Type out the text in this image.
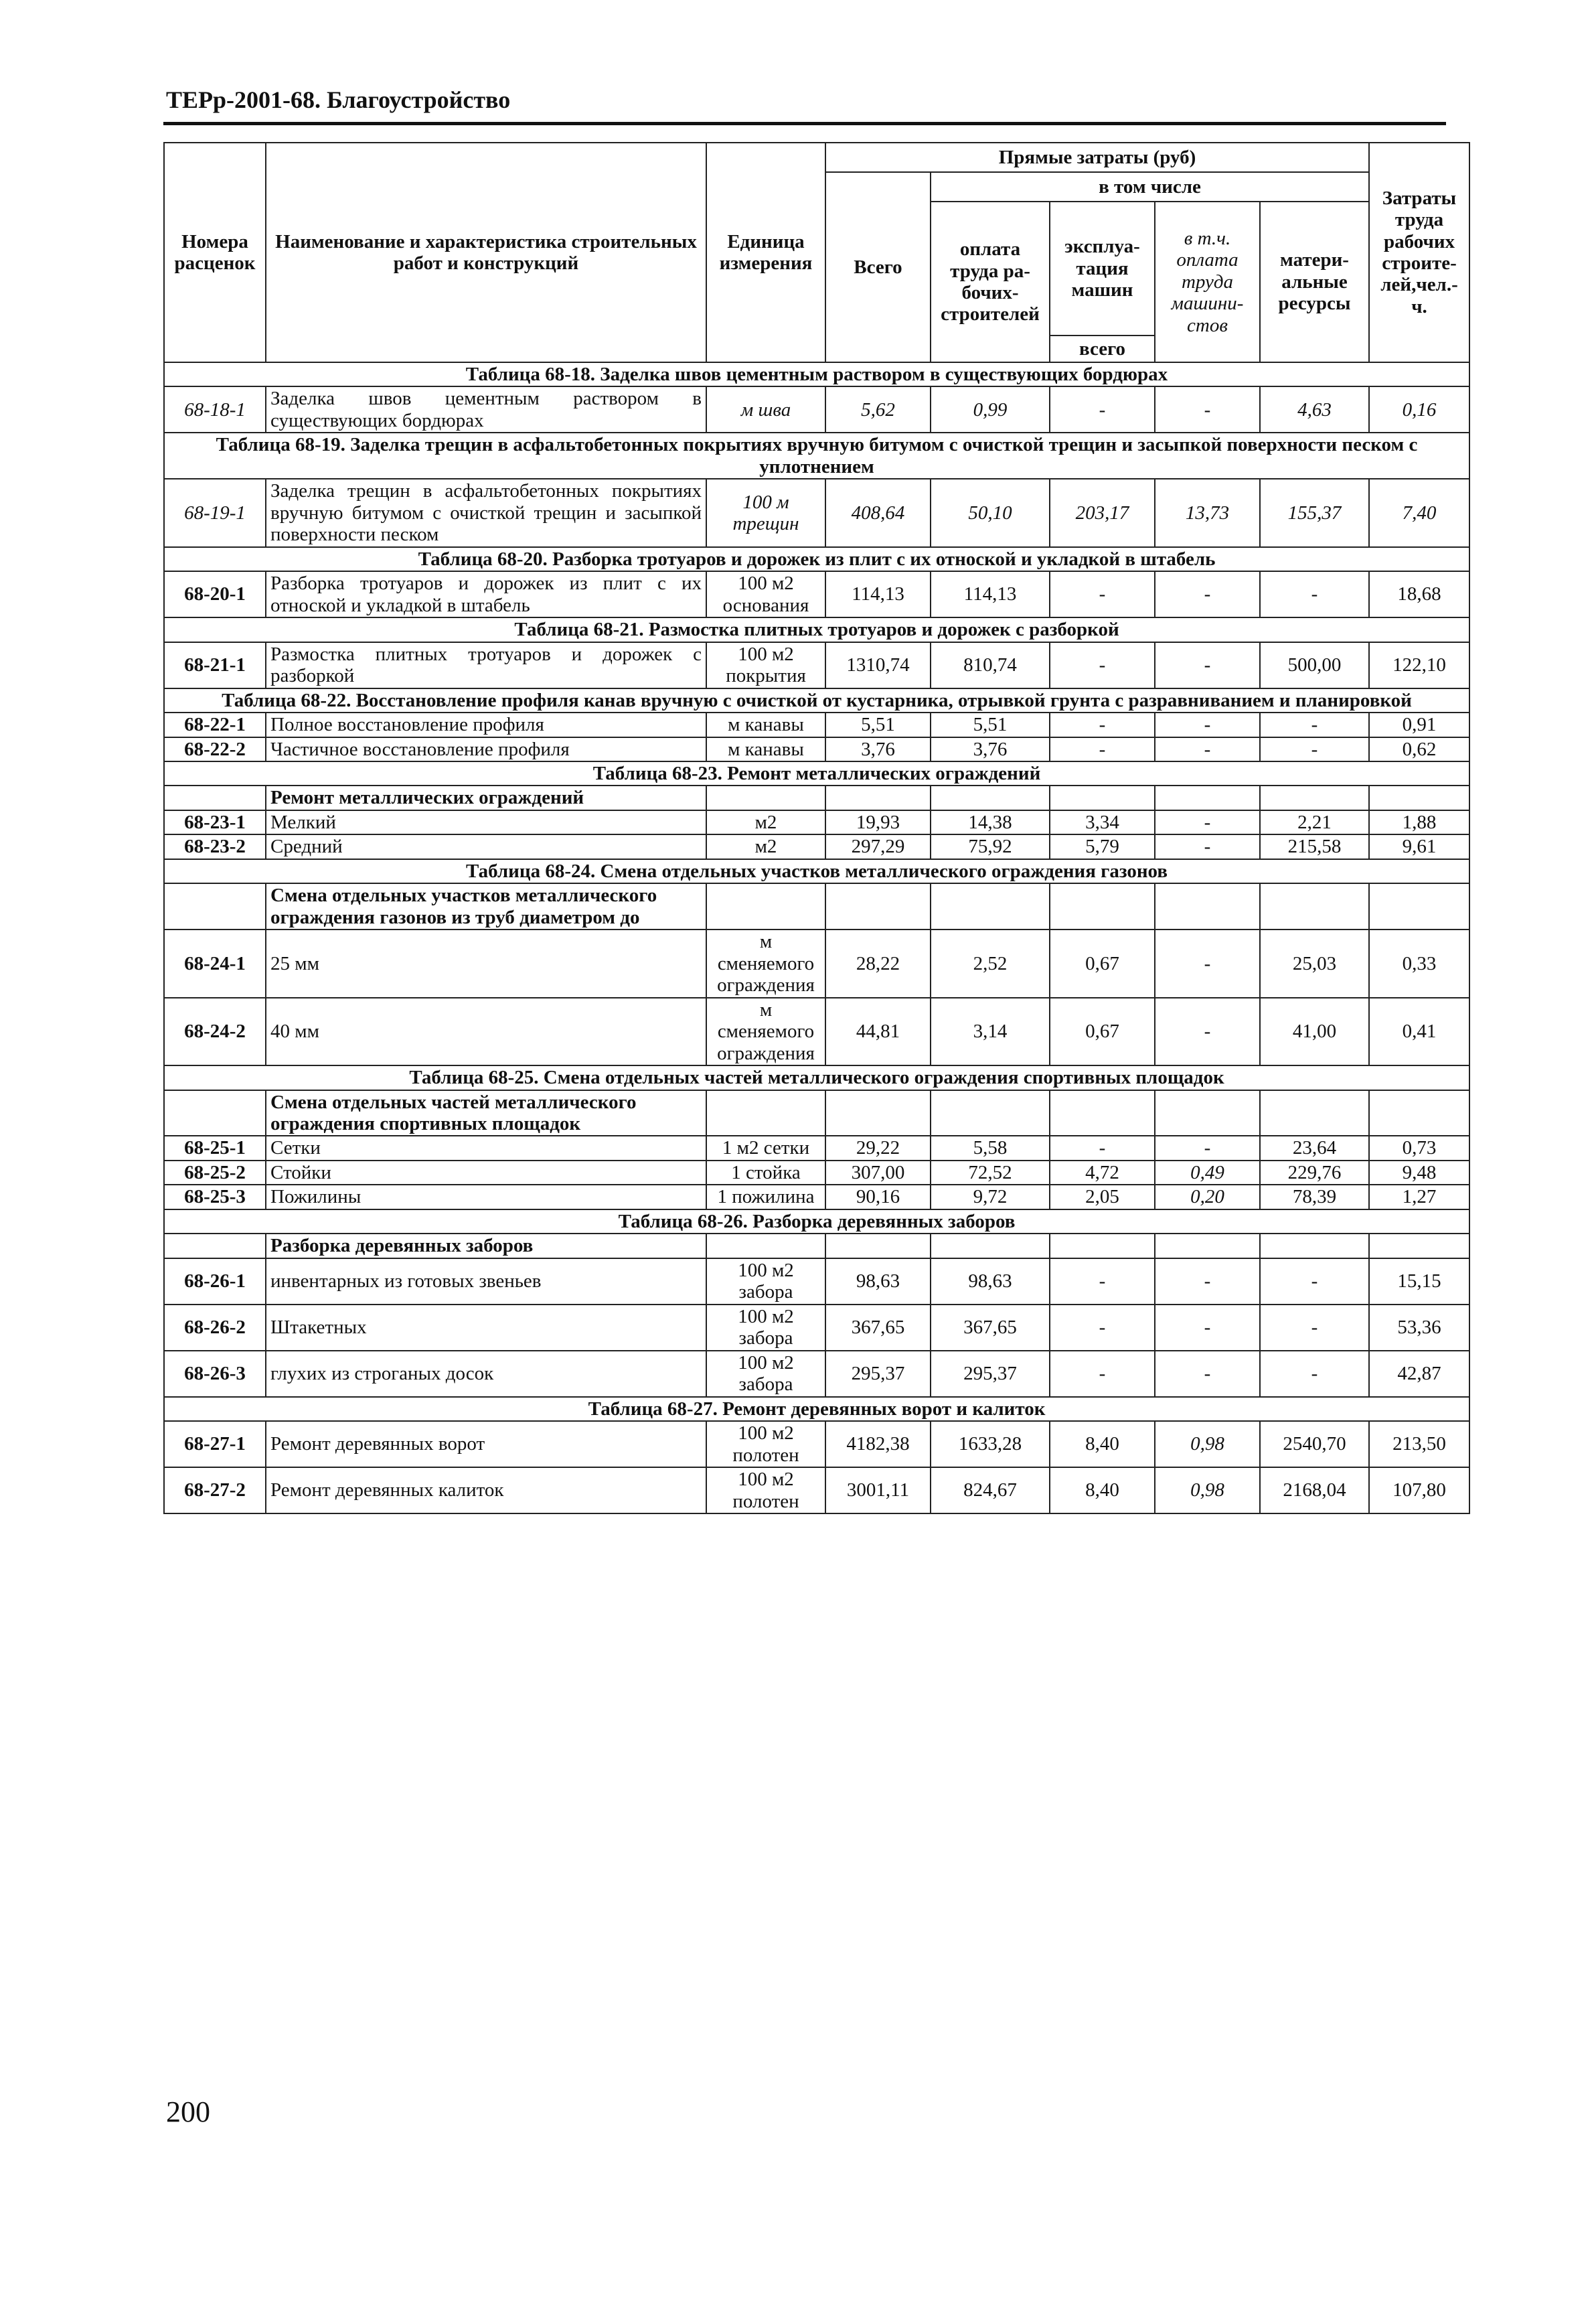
ТЕРр-2001-68. Благоустройство
Номера расценок	Наименование и характеристика строительных работ и конструкций	Единица измерения	Прямые затраты (руб)					Затраты труда рабочих строите-лей,чел.-ч.
			Всего	в том числе				
				оплата труда ра-бочих-строителей	эксплуа-тация машин	в т.ч. оплата труда машини-стов	матери-альные ресурсы	
					всего			
Таблица 68-18. Заделка швов цементным раствором в существующих бордюрах								
68-18-1	Заделка швов цементным раствором в существующих бордюрах	м шва	5,62	0,99	-	-	4,63	0,16
Таблица 68-19. Заделка трещин в асфальтобетонных покрытиях вручную битумом с очисткой трещин и засыпкой поверхности песком с уплотнением								
68-19-1	Заделка трещин в асфальтобетонных покрытиях вручную битумом с очисткой трещин и засыпкой поверхности песком	100 м трещин	408,64	50,10	203,17	13,73	155,37	7,40
Таблица 68-20. Разборка тротуаров и дорожек из плит с их отноской и укладкой в штабель								
68-20-1	Разборка тротуаров и дорожек из плит с их отноской и укладкой в штабель	100 м2 основания	114,13	114,13	-	-	-	18,68
Таблица 68-21. Размостка плитных тротуаров и дорожек с разборкой								
68-21-1	Размостка плитных тротуаров и дорожек с разборкой	100 м2 покрытия	1310,74	810,74	-	-	500,00	122,10
Таблица 68-22. Восстановление профиля канав вручную с очисткой от кустарника, отрывкой грунта с разравниванием и планировкой								
68-22-1	Полное восстановление профиля	м канавы	5,51	5,51	-	-	-	0,91
68-22-2	Частичное восстановление профиля	м канавы	3,76	3,76	-	-	-	0,62
Таблица 68-23. Ремонт металлических ограждений								
	Ремонт металлических ограждений							
68-23-1	Мелкий	м2	19,93	14,38	3,34	-	2,21	1,88
68-23-2	Средний	м2	297,29	75,92	5,79	-	215,58	9,61
Таблица 68-24. Смена отдельных участков металлического ограждения газонов								
	Смена отдельных участков металлического ограждения газонов из труб диаметром до							
68-24-1	25 мм	м сменяемого ограждения	28,22	2,52	0,67	-	25,03	0,33
68-24-2	40 мм	м сменяемого ограждения	44,81	3,14	0,67	-	41,00	0,41
Таблица 68-25. Смена отдельных частей металлического ограждения спортивных площадок								
	Смена отдельных частей металлического ограждения спортивных площадок							
68-25-1	Сетки	1 м2 сетки	29,22	5,58	-	-	23,64	0,73
68-25-2	Стойки	1 стойка	307,00	72,52	4,72	0,49	229,76	9,48
68-25-3	Пожилины	1 пожилина	90,16	9,72	2,05	0,20	78,39	1,27
Таблица 68-26. Разборка деревянных заборов								
	Разборка деревянных заборов							
68-26-1	инвентарных из готовых звеньев	100 м2 забора	98,63	98,63	-	-	-	15,15
68-26-2	Штакетных	100 м2 забора	367,65	367,65	-	-	-	53,36
68-26-3	глухих из строганых досок	100 м2 забора	295,37	295,37	-	-	-	42,87
Таблица 68-27. Ремонт деревянных ворот и калиток								
68-27-1	Ремонт деревянных ворот	100 м2 полотен	4182,38	1633,28	8,40	0,98	2540,70	213,50
68-27-2	Ремонт деревянных калиток	100 м2 полотен	3001,11	824,67	8,40	0,98	2168,04	107,80
200
